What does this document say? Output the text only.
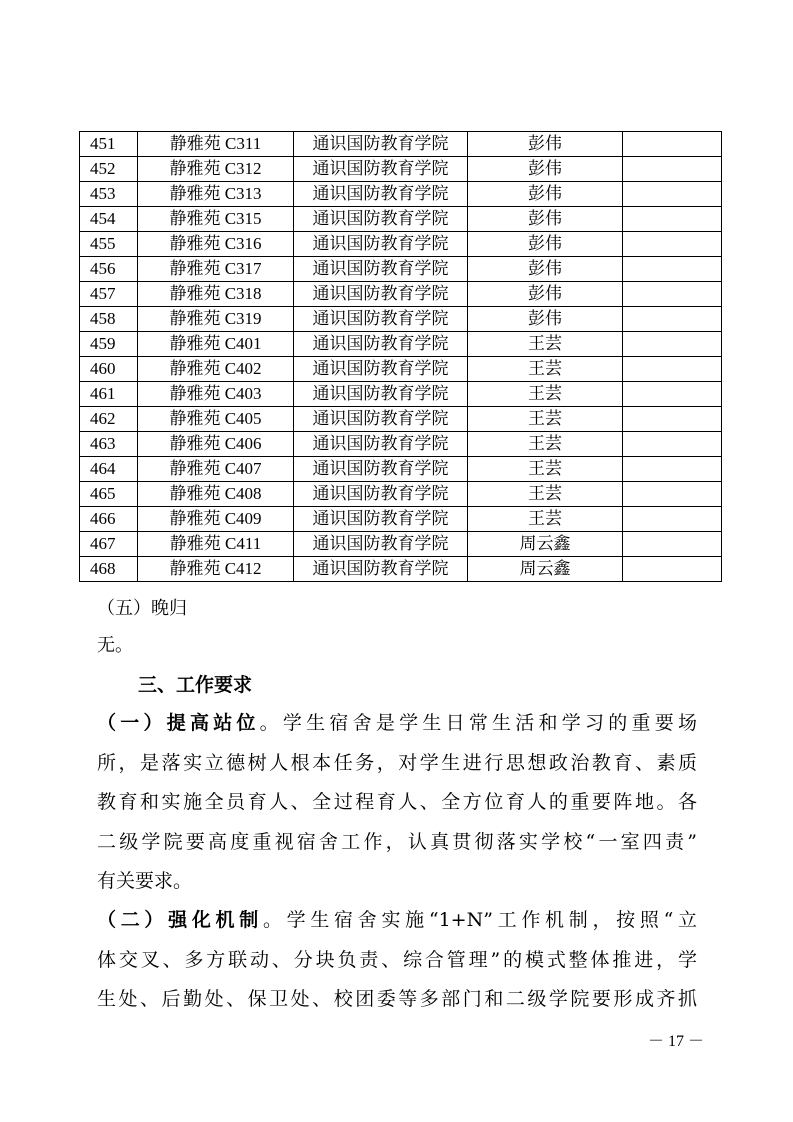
451	静雅苑 C311	通识国防教育学院	彭伟	
452	静雅苑 C312	通识国防教育学院	彭伟	
453	静雅苑 C313	通识国防教育学院	彭伟	
454	静雅苑 C315	通识国防教育学院	彭伟	
455	静雅苑 C316	通识国防教育学院	彭伟	
456	静雅苑 C317	通识国防教育学院	彭伟	
457	静雅苑 C318	通识国防教育学院	彭伟	
458	静雅苑 C319	通识国防教育学院	彭伟	
459	静雅苑 C401	通识国防教育学院	王芸	
460	静雅苑 C402	通识国防教育学院	王芸	
461	静雅苑 C403	通识国防教育学院	王芸	
462	静雅苑 C405	通识国防教育学院	王芸	
463	静雅苑 C406	通识国防教育学院	王芸	
464	静雅苑 C407	通识国防教育学院	王芸	
465	静雅苑 C408	通识国防教育学院	王芸	
466	静雅苑 C409	通识国防教育学院	王芸	
467	静雅苑 C411	通识国防教育学院	周云鑫	
468	静雅苑 C412	通识国防教育学院	周云鑫	
（五）晚归
无。
三、工作要求
（一）提高站位。学生宿舍是学生日常生活和学习的重要场
所，是落实立德树人根本任务，对学生进行思想政治教育、素质
教育和实施全员育人、全过程育人、全方位育人的重要阵地。各
二级学院要高度重视宿舍工作，认真贯彻落实学校“一室四责”
有关要求。
（二）强化机制。学生宿舍实施“1+N”工作机制，按照“立
体交叉、多方联动、分块负责、综合管理”的模式整体推进，学
生处、后勤处、保卫处、校团委等多部门和二级学院要形成齐抓
－ 17 －
